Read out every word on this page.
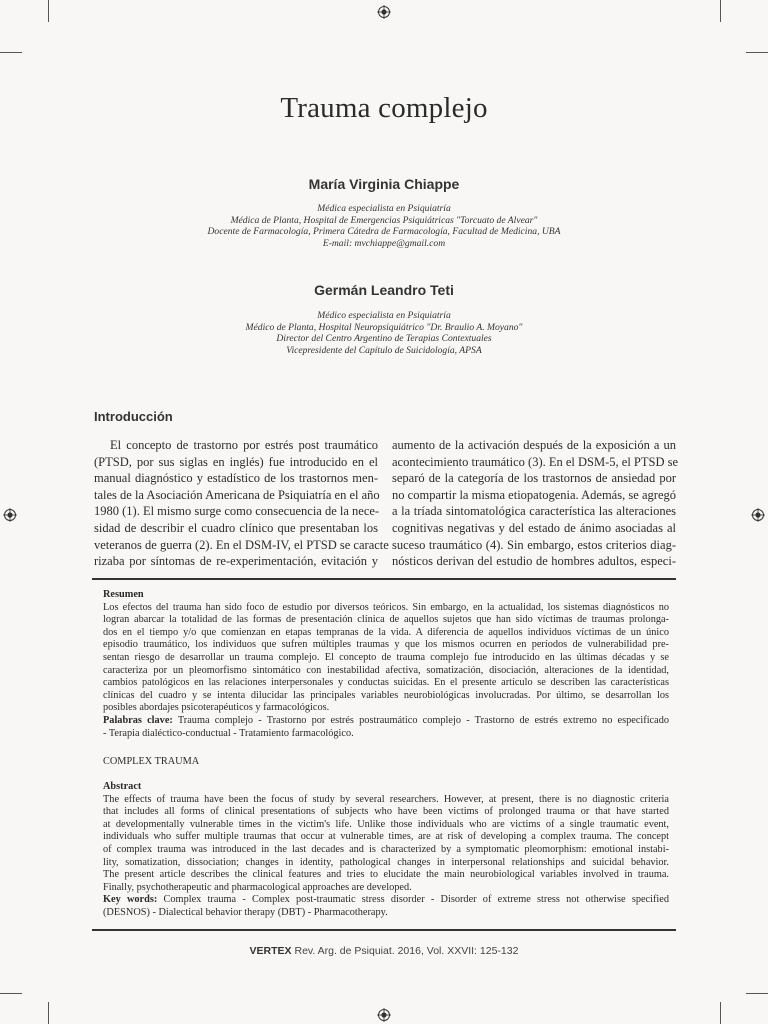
Trauma complejo
María Virginia Chiappe
Médica especialista en Psiquiatría
Médica de Planta, Hospital de Emergencias Psiquiátricas "Torcuato de Alvear"
Docente de Farmacología, Primera Cátedra de Farmacología, Facultad de Medicina, UBA
E-mail: mvchiappe@gmail.com
Germán Leandro Teti
Médico especialista en Psiquiatría
Médico de Planta, Hospital Neuropsiquiátrico "Dr. Braulio A. Moyano"
Director del Centro Argentino de Terapias Contextuales
Vicepresidente del Capítulo de Suicidología, APSA
Introducción
El concepto de trastorno por estrés post traumático
(PTSD, por sus siglas en inglés) fue introducido en el
manual diagnóstico y estadístico de los trastornos men-
tales de la Asociación Americana de Psiquiatría en el año
1980 (1). El mismo surge como consecuencia de la nece-
sidad de describir el cuadro clínico que presentaban los
veteranos de guerra (2). En el DSM-IV, el PTSD se caracte
rizaba por síntomas de re-experimentación, evitación y
aumento de la activación después de la exposición a un
acontecimiento traumático (3). En el DSM-5, el PTSD se
separó de la categoría de los trastornos de ansiedad por
no compartir la misma etiopatogenia. Además, se agregó
a la tríada sintomatológica característica las alteraciones
cognitivas negativas y del estado de ánimo asociadas al
suceso traumático (4). Sin embargo, estos criterios diag-
nósticos derivan del estudio de hombres adultos, especi-
Resumen
Los efectos del trauma han sido foco de estudio por diversos teóricos. Sin embargo, en la actualidad, los sistemas diagnósticos no
logran abarcar la totalidad de las formas de presentación clínica de aquellos sujetos que han sido víctimas de traumas prolonga-
dos en el tiempo y/o que comienzan en etapas tempranas de la vida. A diferencia de aquellos individuos víctimas de un único
episodio traumático, los individuos que sufren múltiples traumas y que los mismos ocurren en períodos de vulnerabilidad pre-
sentan riesgo de desarrollar un trauma complejo. El concepto de trauma complejo fue introducido en las últimas décadas y se
caracteriza por un pleomorfismo sintomático con inestabilidad afectiva, somatización, disociación, alteraciones de la identidad,
cambios patológicos en las relaciones interpersonales y conductas suicidas. En el presente artículo se describen las características
clínicas del cuadro y se intenta dilucidar las principales variables neurobiológicas involucradas. Por último, se desarrollan los
posibles abordajes psicoterapéuticos y farmacológicos.
Palabras clave: Trauma complejo - Trastorno por estrés postraumático complejo - Trastorno de estrés extremo no especificado
- Terapia dialéctico-conductual - Tratamiento farmacológico.
COMPLEX TRAUMA
Abstract
The effects of trauma have been the focus of study by several researchers. However, at present, there is no diagnostic criteria
that includes all forms of clinical presentations of subjects who have been victims of prolonged trauma or that have started
at developmentally vulnerable times in the victim's life. Unlike those individuals who are victims of a single traumatic event,
individuals who suffer multiple traumas that occur at vulnerable times, are at risk of developing a complex trauma. The concept
of complex trauma was introduced in the last decades and is characterized by a symptomatic pleomorphism: emotional instabi-
lity, somatization, dissociation; changes in identity, pathological changes in interpersonal relationships and suicidal behavior.
The present article describes the clinical features and tries to elucidate the main neurobiological variables involved in trauma.
Finally, psychotherapeutic and pharmacological approaches are developed.
Key words: Complex trauma - Complex post-traumatic stress disorder - Disorder of extreme stress not otherwise specified
(DESNOS) - Dialectical behavior therapy (DBT) - Pharmacotherapy.
VERTEX Rev. Arg. de Psiquiat. 2016, Vol. XXVII: 125-132
